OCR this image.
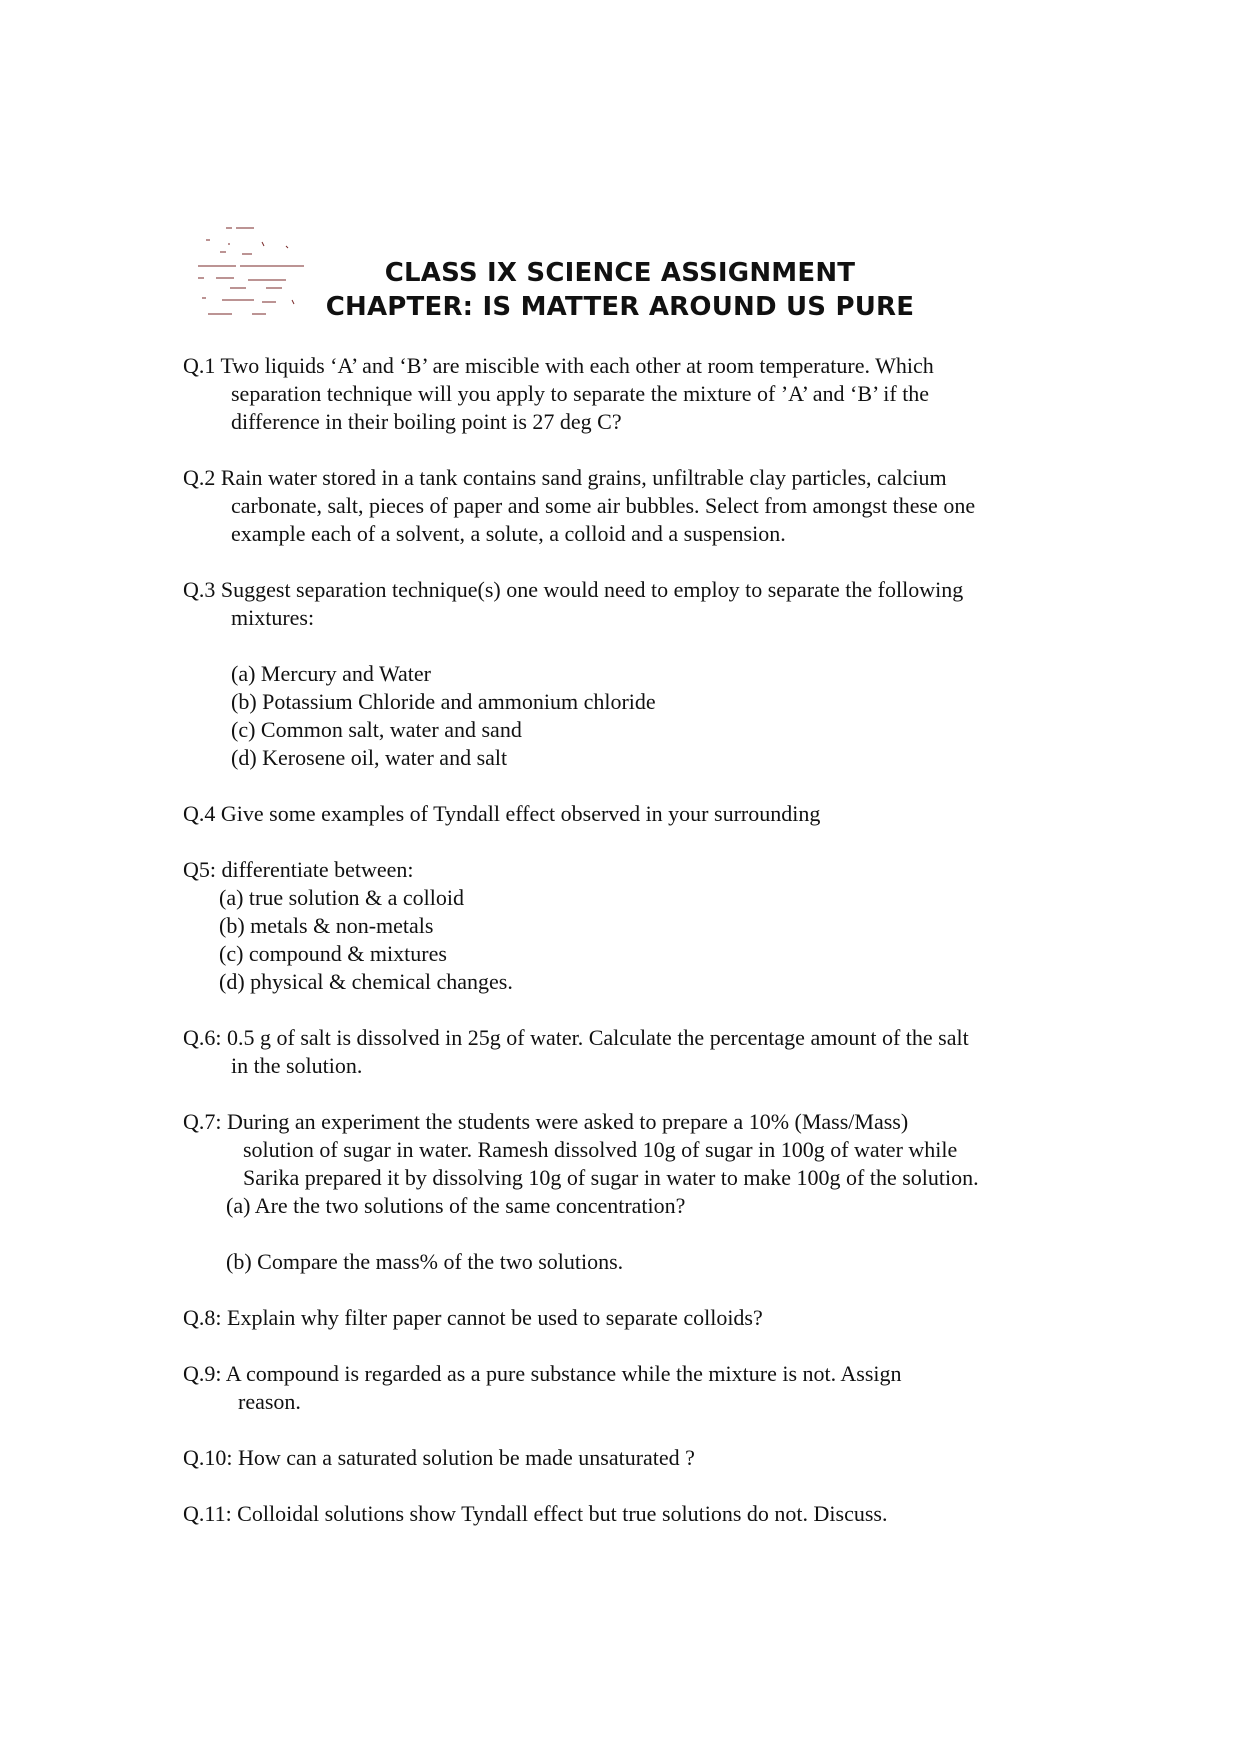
CLASS IX SCIENCE ASSIGNMENT
CHAPTER: IS MATTER AROUND US PURE
Q.1 Two liquids ‘A’ and ‘B’ are miscible with each other at room temperature. Which
separation technique will you apply to separate the mixture of ’A’ and ‘B’ if the
difference in their boiling point is 27 deg C?
Q.2 Rain water stored in a tank contains sand grains, unfiltrable clay particles, calcium
carbonate, salt, pieces of paper and some air bubbles. Select from amongst these one
example each of a solvent, a solute, a colloid and a suspension.
Q.3 Suggest separation technique(s) one would need to employ to separate the following
mixtures:
(a) Mercury and Water
(b) Potassium Chloride and ammonium chloride
(c) Common salt, water and sand
(d) Kerosene oil, water and salt
Q.4 Give some examples of Tyndall effect observed in your surrounding
Q5: differentiate between:
(a) true solution & a colloid
(b) metals & non-metals
(c) compound & mixtures
(d) physical & chemical changes.
Q.6: 0.5 g of salt is dissolved in 25g of water. Calculate the percentage amount of the salt
in the solution.
Q.7: During an experiment the students were asked to prepare a 10% (Mass/Mass)
solution of sugar in water. Ramesh dissolved 10g of sugar in 100g of water while
Sarika prepared it by dissolving 10g of sugar in water to make 100g of the solution.
(a) Are the two solutions of the same concentration?
(b) Compare the mass% of the two solutions.
Q.8: Explain why filter paper cannot be used to separate colloids?
Q.9: A compound is regarded as a pure substance while the mixture is not. Assign
reason.
Q.10: How can a saturated solution be made unsaturated ?
Q.11: Colloidal solutions show Tyndall effect but true solutions do not. Discuss.
